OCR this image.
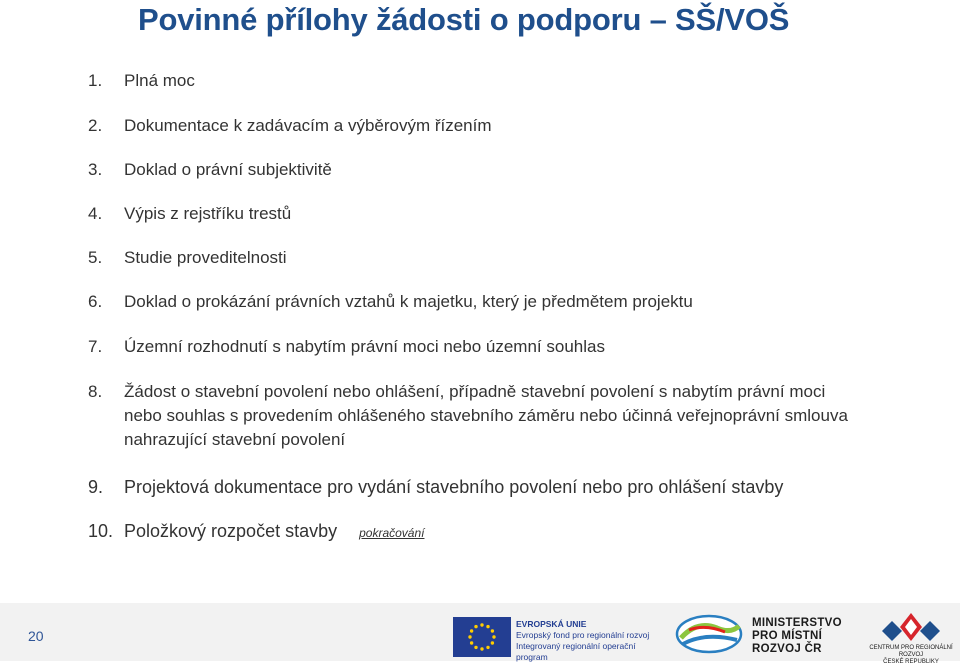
Povinné přílohy žádosti o podporu – SŠ/VOŠ
1.	Plná moc
2.	Dokumentace k zadávacím a výběrovým řízením
3.	Doklad o právní subjektivitě
4.	Výpis z rejstříku trestů
5.	Studie proveditelnosti
6.	Doklad o prokázání právních vztahů k majetku, který je předmětem projektu
7.	Územní rozhodnutí s nabytím právní moci nebo územní souhlas
8.	Žádost o stavební povolení nebo ohlášení, případně stavební povolení s nabytím právní moci nebo souhlas s provedením ohlášeného stavebního záměru nebo účinná veřejnoprávní smlouva nahrazující stavební povolení
9.	Projektová dokumentace pro vydání stavebního povolení nebo pro ohlášení stavby
10. Položkový rozpočet stavby pokračování
20
EVROPSKÁ UNIE
Evropský fond pro regionální rozvoj
Integrovaný regionální operační program
MINISTERSTVO
PRO MÍSTNÍ
ROZVOJ ČR	CENTRUM PRO REGIONÁLNÍ ROZVOJ
ČESKÉ REPUBLIKY
